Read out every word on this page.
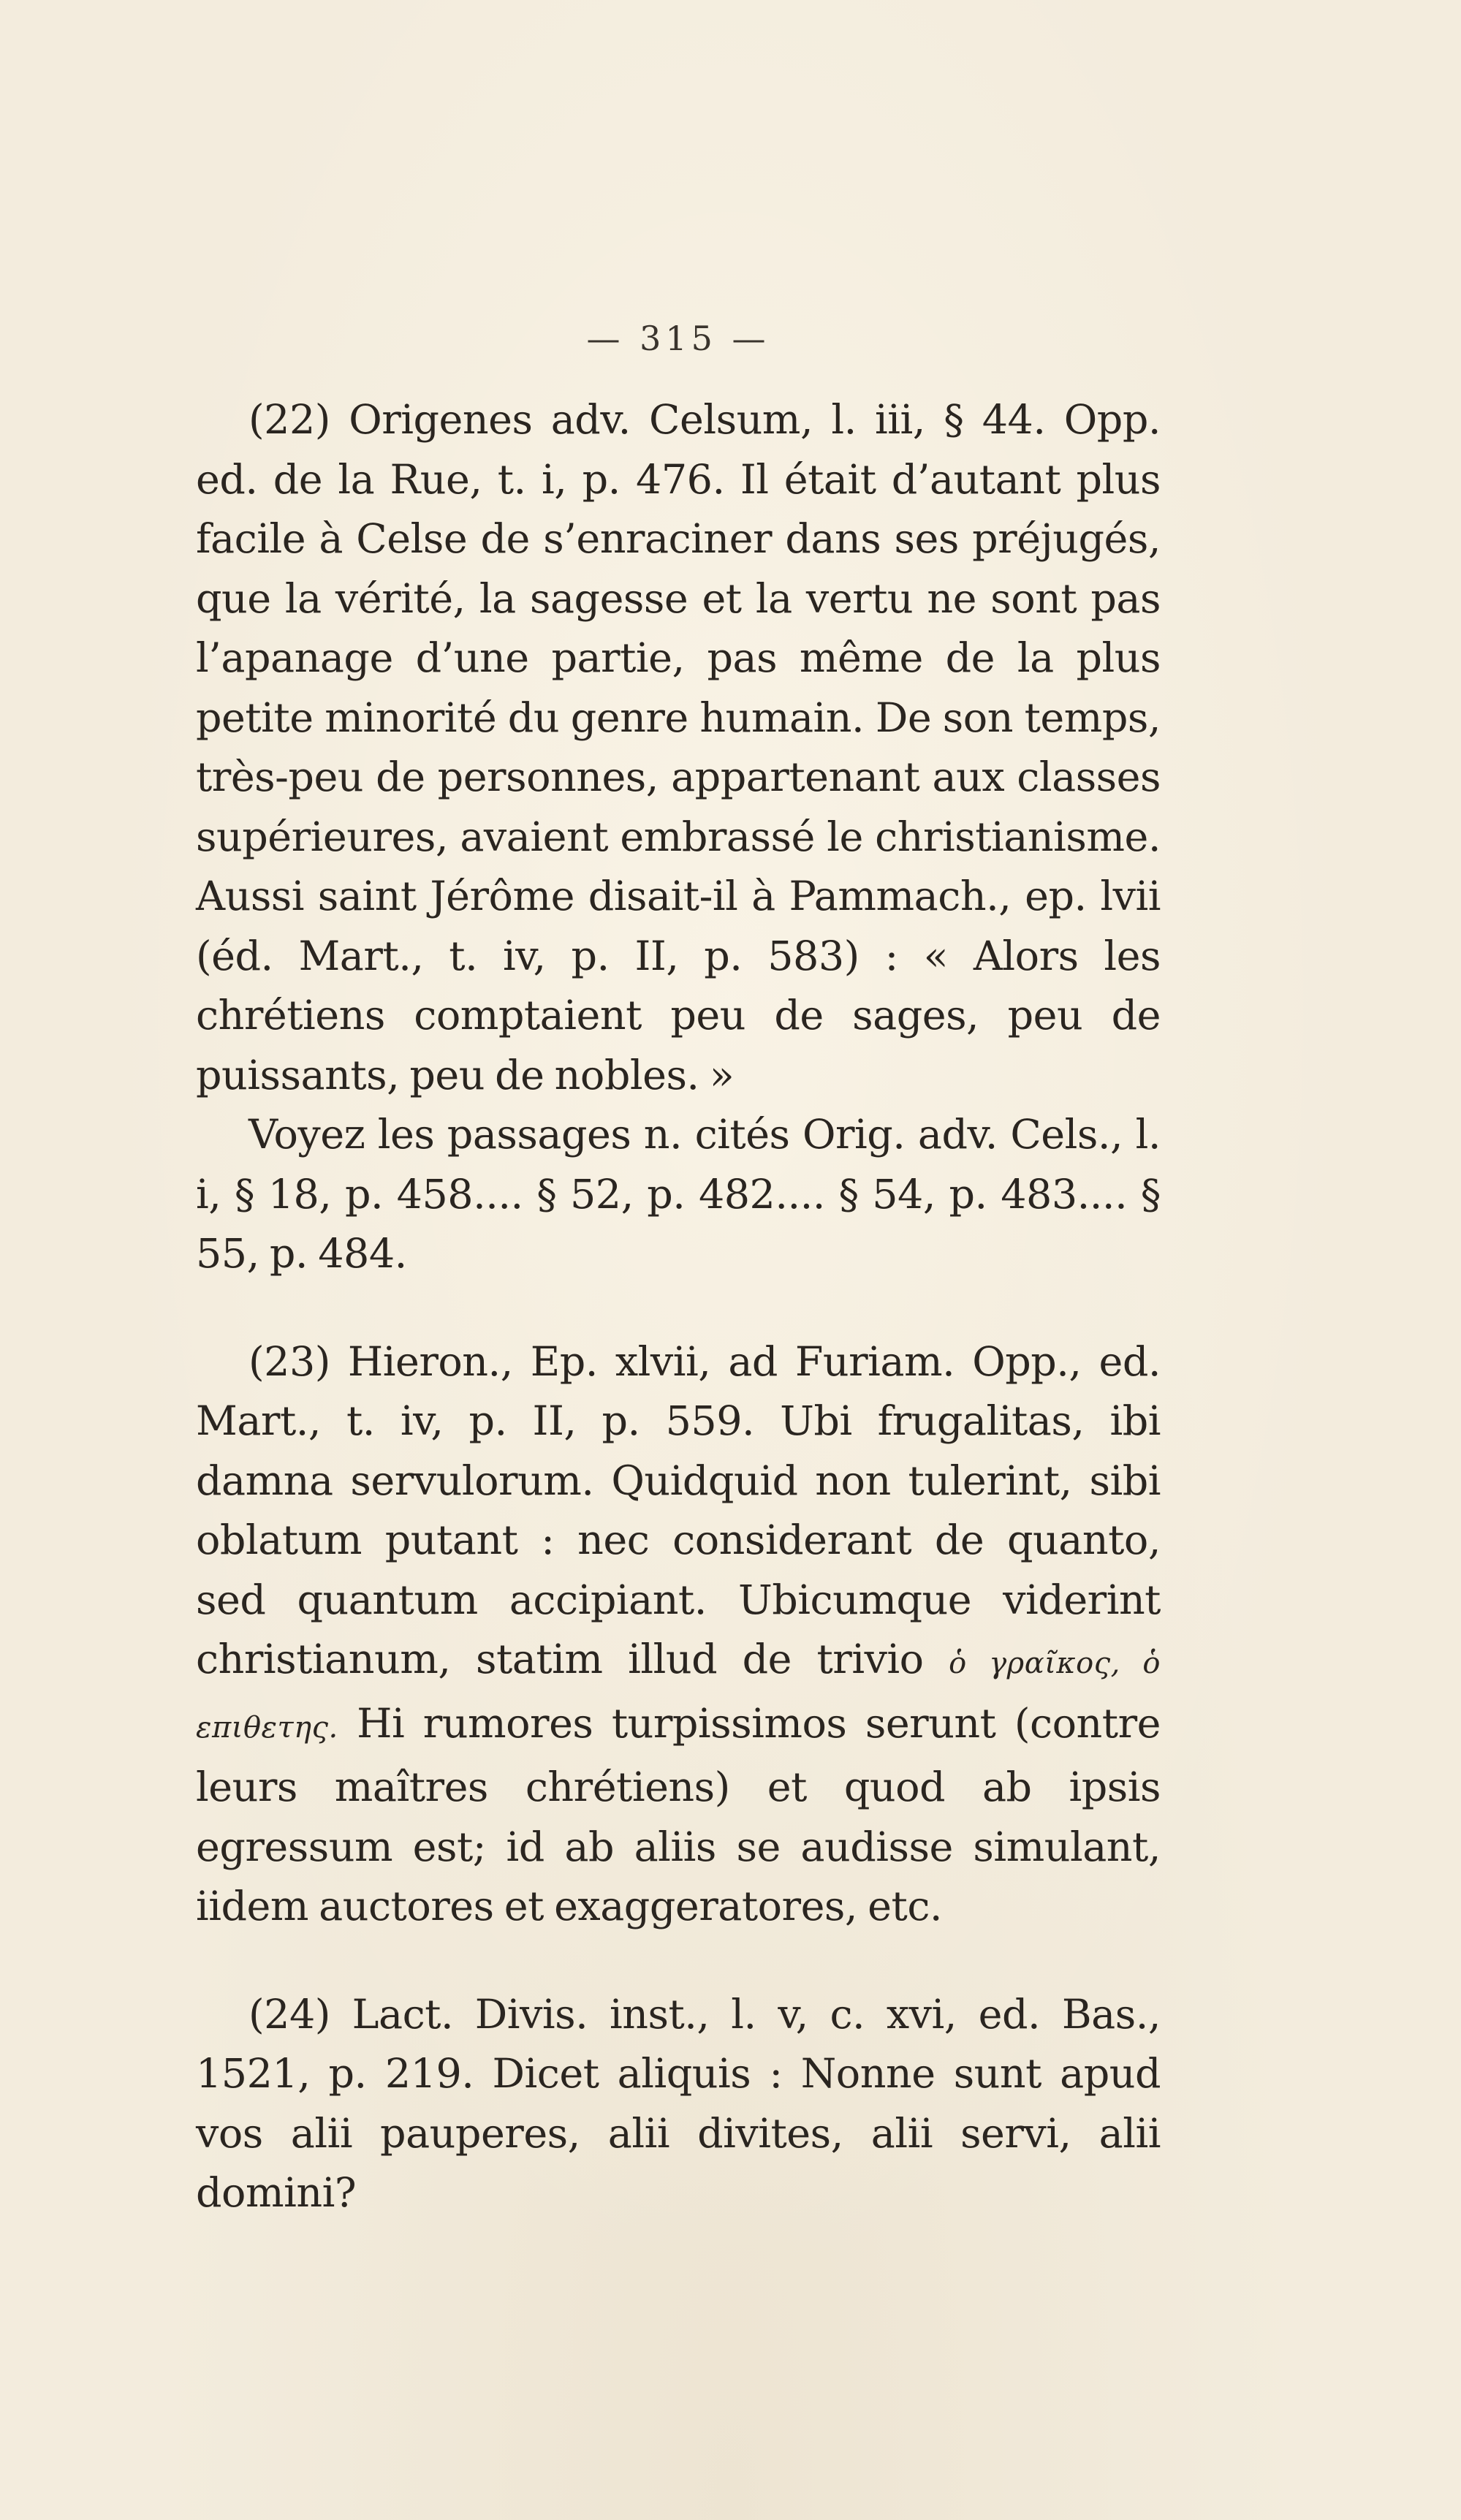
— 315 —

(22) Origenes adv. Celsum, l. iii, § 44. Opp. ed. de la Rue, t. i, p. 476. Il était d’autant plus facile à Celse de s’enraciner dans ses préjugés, que la vérité, la sagesse et la vertu ne sont pas l’apanage d’une partie, pas même de la plus petite minorité du genre humain. De son temps, très-peu de personnes, appartenant aux classes supérieures, avaient embrassé le christianisme. Aussi saint Jérôme disait-il à Pammach., ep. lvii (éd. Mart., t. iv, p. II, p. 583) : « Alors les chrétiens comptaient peu de sages, peu de puissants, peu de nobles. »

Voyez les passages n. cités Orig. adv. Cels., l. i, § 18, p. 458.... § 52, p. 482.... § 54, p. 483.... § 55, p. 484.

(23) Hieron., Ep. xlvii, ad Furiam. Opp., ed. Mart., t. iv, p. II, p. 559. Ubi frugalitas, ibi damna servulorum. Quidquid non tulerint, sibi oblatum putant : nec considerant de quanto, sed quantum accipiant. Ubicumque viderint christianum, statim illud de trivio ὁ γραῖκος, ὁ επιθετης. Hi rumores turpissimos serunt (contre leurs maîtres chrétiens) et quod ab ipsis egressum est; id ab aliis se audisse simulant, iidem auctores et exaggeratores, etc.

(24) Lact. Divis. inst., l. v, c. xvi, ed. Bas., 1521, p. 219. Dicet aliquis : Nonne sunt apud vos alii pauperes, alii divites, alii servi, alii domini?
